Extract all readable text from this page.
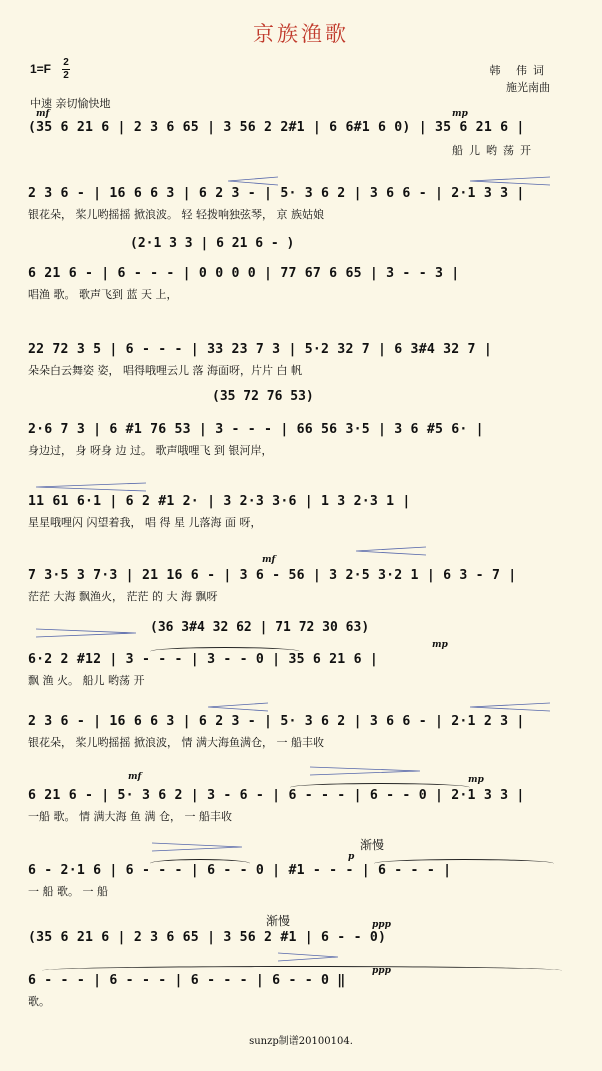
京族渔歌
1=F 2
2	韩 伟词
施光南曲
中速 亲切愉快地
mf	mp
mf
mp
mf	mp
p
ppp
ppp
渐慢
渐慢
(2·1 3 3 | 6 21 6 - )
(35 72 76 53)
(36 3#4 32 62 | 71 72 30 63)
(35 6 21 6 | 2 3 6 65 | 3 56 2 2#1 | 6 6#1 6 0) | 35 6 21 6 |
船儿哟荡开
2 3 6 - | 16 6 6 3 | 6 2 3 - | 5· 3 6 2 | 3 6 6 - | 2·1 3 3 |
银花朵， 桨儿哟摇摇 掀浪波。 轻 轻拨响独弦琴， 京 族姑娘
6 21 6 - | 6 - - - | 0 0 0 0 | 77 67 6 65 | 3 - - 3 |
唱渔 歌。 歌声飞到 蓝 天 上，
22 72 3 5 | 6 - - - | 33 23 7 3 | 5·2 32 7 | 6 3#4 32 7 |
朵朵白云舞姿 姿， 唱得哦哩云儿 落 海面呀，片片 白 帆
2·6 7 3 | 6 #1 76 53 | 3 - - - | 66 56 3·5 | 3 6 #5 6· |
身边过， 身 呀身 边 过。 歌声哦哩飞 到 银河岸，
11 61 6·1 | 6 2 #1 2· | 3 2·3 3·6 | 1 3 2·3 1 |
星星哦哩闪 闪望着我， 唱 得 星 儿落海 面 呀，
7 3·5 3 7·3 | 21 16 6 - | 3 6 - 56 | 3 2·5 3·2 1 | 6 3 - 7 |
茫茫 大海 飘渔火， 茫茫 的 大 海 飘呀
6·2 2 #12 | 3 - - - | 3 - - 0 | 35 6 21 6 |
飘 渔 火。 船儿 哟荡 开
2 3 6 - | 16 6 6 3 | 6 2 3 - | 5· 3 6 2 | 3 6 6 - | 2·1 2 3 |
银花朵， 桨儿哟摇摇 掀浪波， 情 满大海鱼满仓， 一 船丰收
6 21 6 - | 5· 3 6 2 | 3 - 6 - | 6 - - - | 6 - - 0 | 2·1 3 3 |
一船 歌。 情 满大海 鱼 满 仓， 一 船丰收
6 - 2·1 6 | 6 - - - | 6 - - 0 | #1 - - - | 6 - - - |
一 船 歌。 一 船
(35 6 21 6 | 2 3 6 65 | 3 56 2 #1 | 6 - - 0)
6 - - - | 6 - - - | 6 - - - | 6 - - 0 ‖
歌。
sunzp制谱20100104.
